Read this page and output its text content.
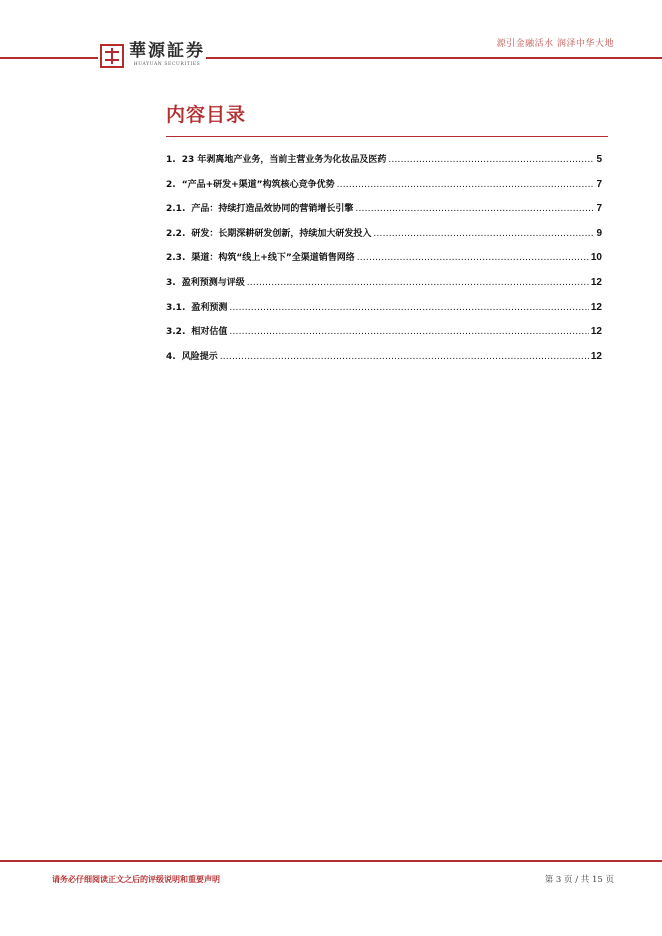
華源証券
HUAYUAN SECURITIES
源引金融活水 润泽中华大地
内容目录
1. 23 年剥离地产业务，当前主营业务为化妆品及医药 .....	5
2. “产品+研发+渠道”构筑核心竞争优势 .....	7
2.1. 产品：持续打造品效协同的营销增长引擎 .....	7
2.2. 研发：长期深耕研发创新，持续加大研发投入 .....	9
2.3. 渠道：构筑“线上+线下”全渠道销售网络 .....	10
3. 盈利预测与评级 .....	12
3.1. 盈利预测 .....	12
3.2. 相对估值 .....	12
4. 风险提示 .....	12
请务必仔细阅读正文之后的评级说明和重要声明	第 3 页 / 共 15 页
